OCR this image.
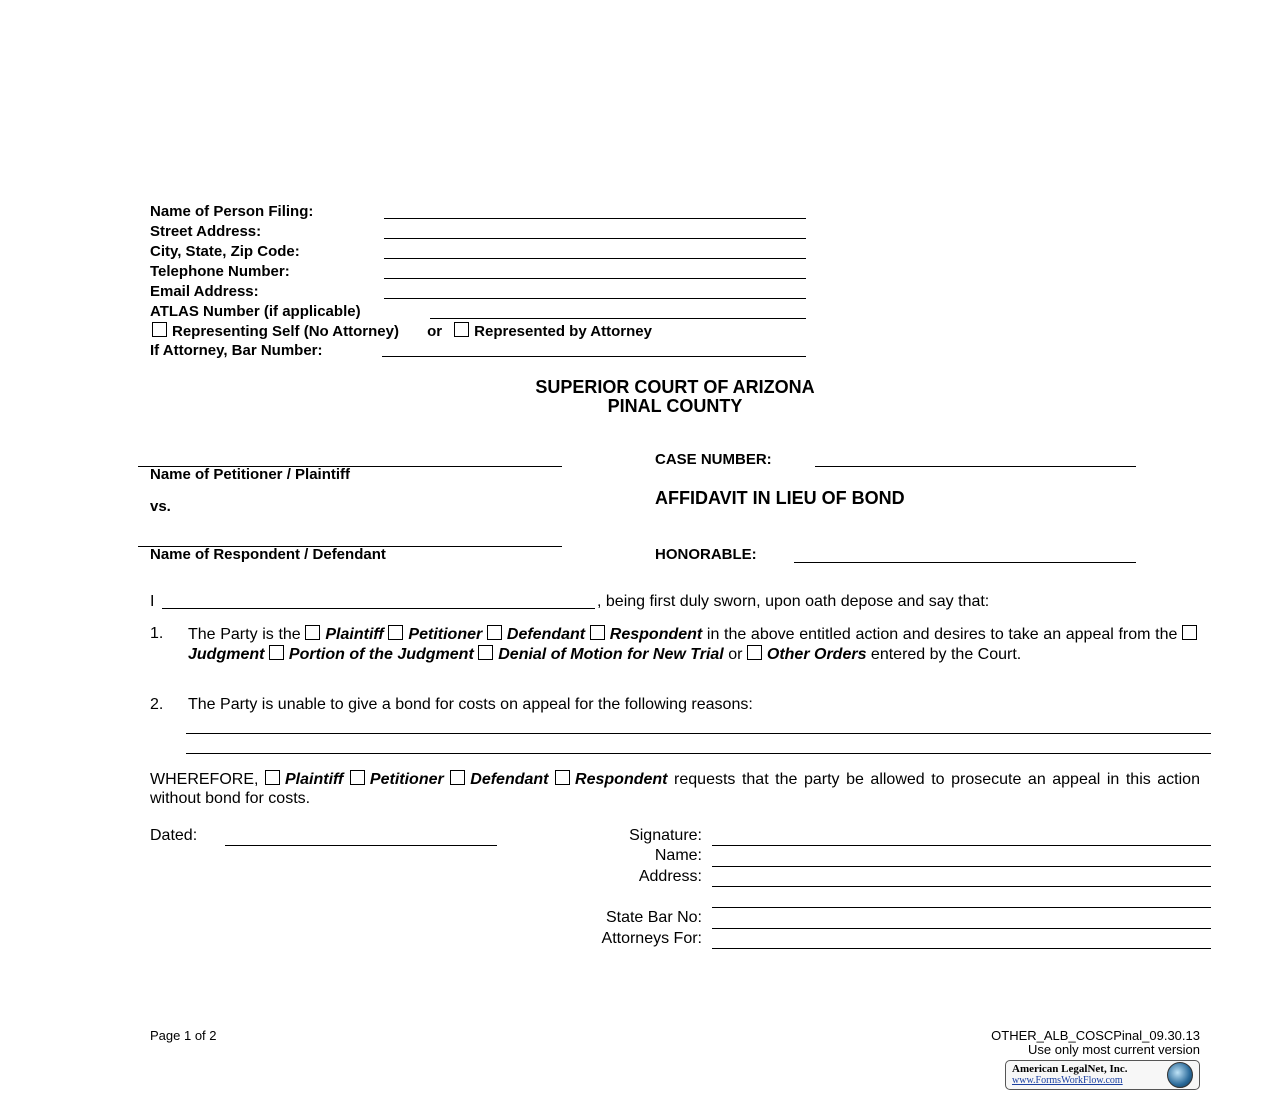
Name of Person Filing:
Street Address:
City, State, Zip Code:
Telephone Number:
Email Address:
ATLAS Number (if applicable)
Representing Self (No Attorney) or Represented by Attorney
If Attorney, Bar Number:
SUPERIOR COURT OF ARIZONA
PINAL COUNTY
Name of Petitioner / Plaintiff
vs.
Name of Respondent / Defendant
CASE NUMBER:
AFFIDAVIT IN LIEU OF BOND
HONORABLE:
I	, being first duly sworn, upon oath depose and say that:
1. The Party is the Plaintiff Petitioner Defendant Respondent in the above entitled action and desires to take an appeal from the Judgment Portion of the Judgment Denial of Motion for New Trial or Other Orders entered by the Court.
2. The Party is unable to give a bond for costs on appeal for the following reasons:
WHEREFORE, Plaintiff Petitioner Defendant Respondent requests that the party be allowed to prosecute an appeal in this action without bond for costs.
Dated:	Signature:
Name:
Address:
State Bar No:
Attorneys For:
Page 1 of 2	OTHER_ALB_COSCPinal_09.30.13
Use only most current version
American LegalNet, Inc.
www.FormsWorkFlow.com
